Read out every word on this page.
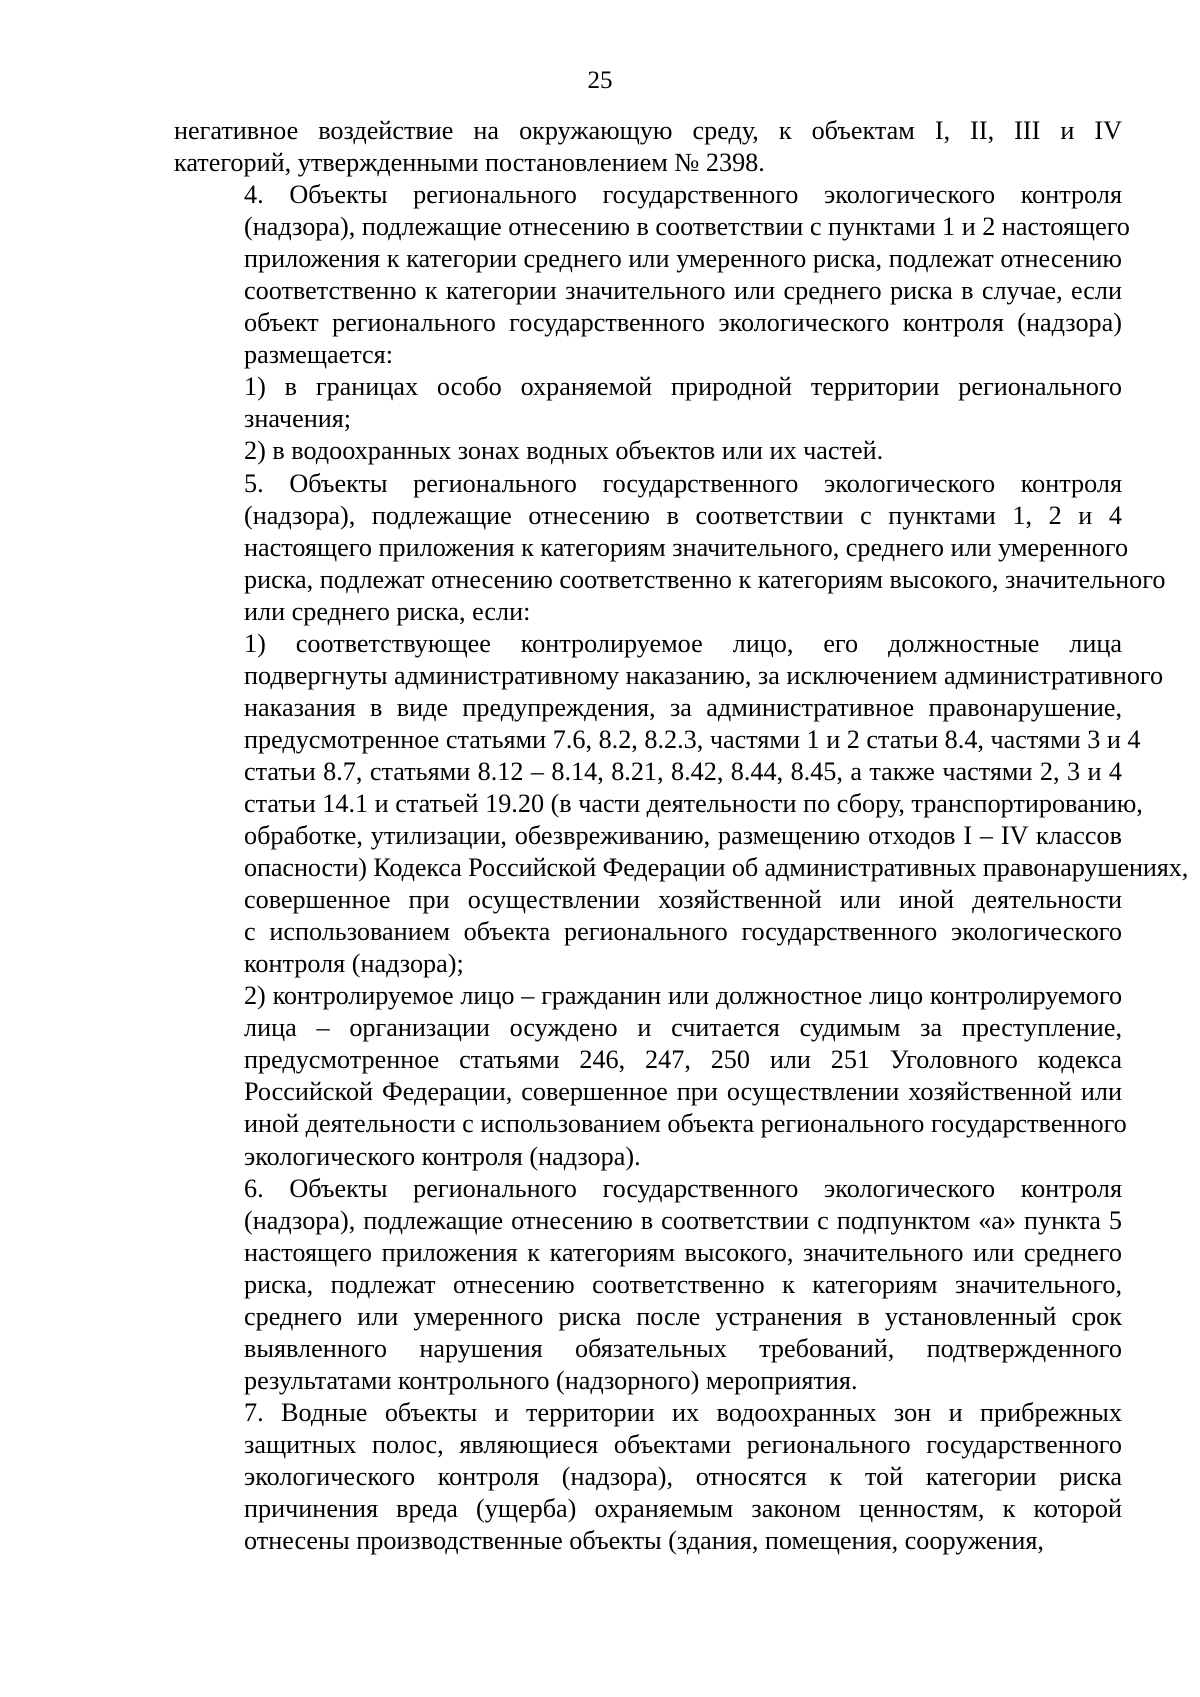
25
негативное воздействие на окружающую среду, к объектам I, II, III и IV
категорий, утвержденными постановлением № 2398.
4. Объекты регионального государственного экологического контроля
(надзора), подлежащие отнесению в соответствии с пунктами 1 и 2 настоящего
приложения к категории среднего или умеренного риска, подлежат отнесению
соответственно к категории значительного или среднего риска в случае, если
объект регионального государственного экологического контроля (надзора)
размещается:
1) в границах особо охраняемой природной территории регионального
значения;
2) в водоохранных зонах водных объектов или их частей.
5. Объекты регионального государственного экологического контроля
(надзора), подлежащие отнесению в соответствии с пунктами 1, 2 и 4
настоящего приложения к категориям значительного, среднего или умеренного
риска, подлежат отнесению соответственно к категориям высокого, значительного
или среднего риска, если:
1) соответствующее контролируемое лицо, его должностные лица
подвергнуты административному наказанию, за исключением административного
наказания в виде предупреждения, за административное правонарушение,
предусмотренное статьями 7.6, 8.2, 8.2.3, частями 1 и 2 статьи 8.4, частями 3 и 4
статьи 8.7, статьями 8.12 – 8.14, 8.21, 8.42, 8.44, 8.45, а также частями 2, 3 и 4
статьи 14.1 и статьей 19.20 (в части деятельности по сбору, транспортированию,
обработке, утилизации, обезвреживанию, размещению отходов I – IV классов
опасности) Кодекса Российской Федерации об административных правонарушениях,
совершенное при осуществлении хозяйственной или иной деятельности
с использованием объекта регионального государственного экологического
контроля (надзора);
2) контролируемое лицо – гражданин или должностное лицо контролируемого
лица – организации осуждено и считается судимым за преступление,
предусмотренное статьями 246, 247, 250 или 251 Уголовного кодекса
Российской Федерации, совершенное при осуществлении хозяйственной или
иной деятельности с использованием объекта регионального государственного
экологического контроля (надзора).
6. Объекты регионального государственного экологического контроля
(надзора), подлежащие отнесению в соответствии с подпунктом «а» пункта 5
настоящего приложения к категориям высокого, значительного или среднего
риска, подлежат отнесению соответственно к категориям значительного,
среднего или умеренного риска после устранения в установленный срок
выявленного нарушения обязательных требований, подтвержденного
результатами контрольного (надзорного) мероприятия.
7. Водные объекты и территории их водоохранных зон и прибрежных
защитных полос, являющиеся объектами регионального государственного
экологического контроля (надзора), относятся к той категории риска
причинения вреда (ущерба) охраняемым законом ценностям, к которой
отнесены производственные объекты (здания, помещения, сооружения,
